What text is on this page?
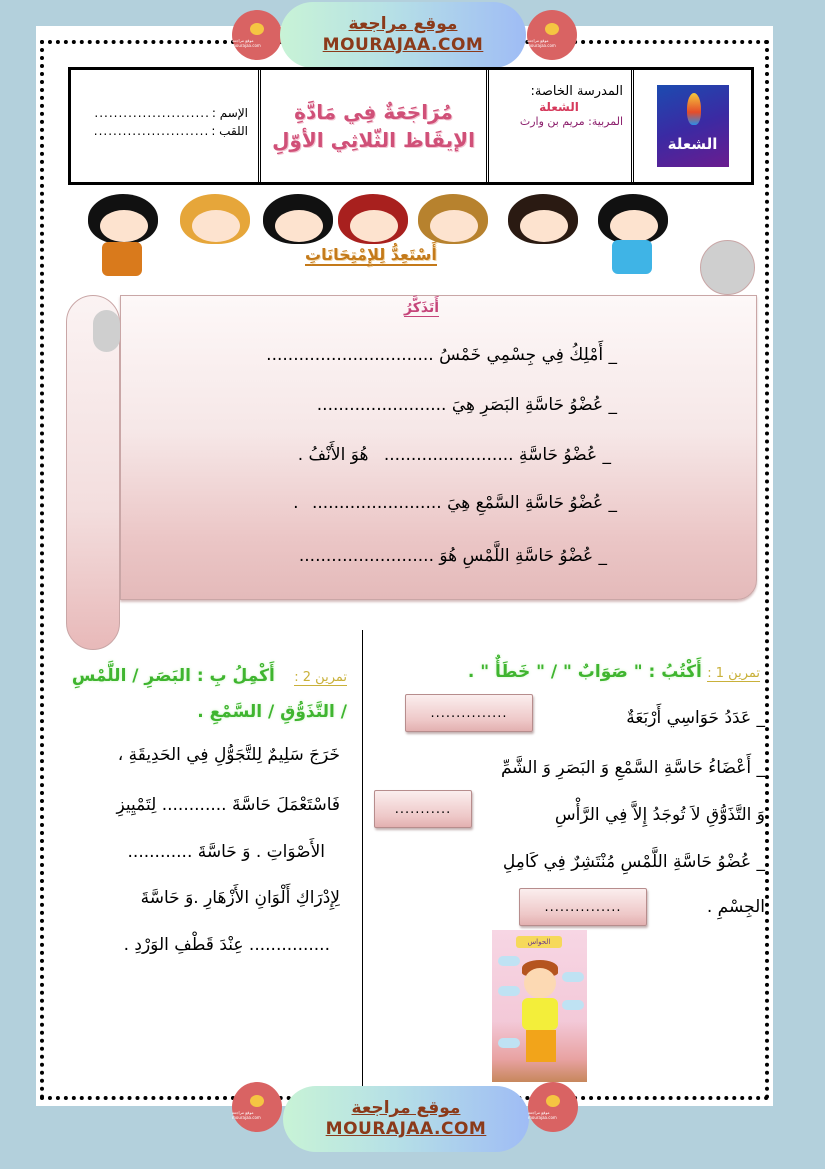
موقع مراجعة mourajaa.com
موقع مراجعة
MOURAJAA.COM	موقع مراجعة mourajaa.com
الشعلة
المدرسة الخاصة:
الشعلة
المربية: مريم بن وارث
مُرَاجَعَةٌ فِي مَادَّةِ
الإيقَاظ الثّلاثِي الأوّلِ
الإسم :
........................
اللقب :
........................
أَسْتَعِدُّ لِلإِمْتِحَانَاتِ
أَتَذَكَّرُ
_ أَمْلِكُ فِي جِسْمِي خَمْسُ ...............................
_ عُضْوُ حَاسَّةِ البَصَرِ هِيَ ........................
_ عُضْوُ حَاسَّةِ ........................ هُوَ الأَنْفُ .
_ عُضْوُ حَاسَّةِ السَّمْعِ هِيَ ........................ .
_ عُضْوُ حَاسَّةِ اللَّمْسِ هُوَ .........................
تمرين 1 : أَكْتُبُ : " صَوَابٌ " / " خَطَأٌ " .
_ عَدَدُ حَوَاسِي أَرْبَعَةٌ
_ أَعْضَاءُ حَاسَّةِ السَّمْعِ وَ البَصَرِ وَ الشَّمِّ
وَ التَّذَوُّقِ لاَ تُوجَدُ إِلاَّ فِي الرَّأْسِ
_ عُضْوُ حَاسَّةِ اللَّمْسِ مُنْتَشِرٌ فِي كَامِلِ
الجِسْمِ .
...............
...........
...............
الحواس
تمرين 2 : أَكْمِلُ بِ : البَصَرِ / اللَّمْسِ
/ التَّذَوُّقِ / السَّمْعِ .
خَرَجَ سَلِيمٌ لِلتَّجَوُّلِ فِي الحَدِيقَةِ ،
فَاسْتَعْمَلَ حَاسَّةَ ............ لِتَمْيِيزِ
الأَصْوَاتِ . وَ حَاسَّةَ ............
لِإِدْرَاكِ أَلْوَانِ الأَزْهَارِ .وَ حَاسَّةَ
............... عِنْدَ قَطْفِ الوَرْدِ .
موقع مراجعة mourajaa.com	موقع مراجعة
MOURAJAA.COM
موقع مراجعة mourajaa.com
